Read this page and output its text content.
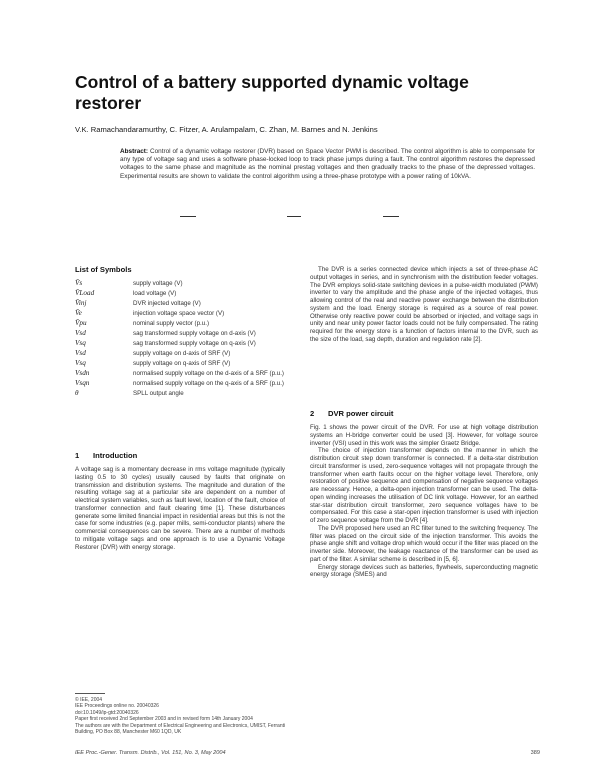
Control of a battery supported dynamic voltage restorer
V.K. Ramachandaramurthy, C. Fitzer, A. Arulampalam, C. Zhan, M. Barnes and N. Jenkins
Abstract: Control of a dynamic voltage restorer (DVR) based on Space Vector PWM is described. The control algorithm is able to compensate for any type of voltage sag and uses a software phase-locked loop to track phase jumps during a fault. The control algorithm restores the depressed voltages to the same phase and magnitude as the nominal prestag voltages and then gradually tracks to the phase of the depressed voltages. Experimental results are shown to validate the control algorithm using a three-phase prototype with a power rating of 10kVA.
List of Symbols
V̄s	supply voltage (V)
V̄Load	load voltage (V)
V̄inj	DVR injected voltage (V)
V̄e	injection voltage space vector (V)
V̄pu	nominal supply vector (p.u.)
Vsd	sag transformed supply voltage on d-axis (V)
Vsq	sag transformed supply voltage on q-axis (V)
Vsd	supply voltage on d-axis of SRF (V)
Vsq	supply voltage on q-axis of SRF (V)
Vsdn	normalised supply voltage on the d-axis of a SRF (p.u.)
Vsqn	normalised supply voltage on the q-axis of a SRF (p.u.)
θ	SPLL output angle
1 Introduction

A voltage sag is a momentary decrease in rms voltage magnitude (typically lasting 0.5 to 30 cycles) usually caused by faults that originate on transmission and distribution systems. The magnitude and duration of the resulting voltage sag at a particular site are dependent on a number of electrical system variables, such as fault level, location of the fault, choice of transformer connection and fault clearing time [1]. These disturbances generate some limited financial impact in residential areas but this is not the case for some industries (e.g. paper mills, semi-conductor plants) where the commercial consequences can be severe. There are a number of methods to mitigate voltage sags and one approach is to use a Dynamic Voltage Restorer (DVR) with energy storage.

© IEE, 2004
IEE Proceedings online no. 20040326
doi:10.1049/ip-gtd:20040326
Paper first received 2nd September 2003 and in revised form 14th January 2004
The authors are with the Department of Electrical Engineering and Electronics, UMIST, Ferranti Building, PO Box 88, Manchester M60 1QD, UK

The DVR is a series connected device which injects a set of three-phase AC output voltages in series, and in synchronism with the distribution feeder voltages. The DVR employs solid-state switching devices in a pulse-width modulated (PWM) inverter to vary the amplitude and the phase angle of the injected voltages, thus allowing control of the real and reactive power exchange between the distribution system and the load. Energy storage is required as a source of real power. Otherwise only reactive power could be absorbed or injected, and voltage sags in unity and near unity power factor loads could not be fully compensated. The rating required for the energy store is a function of factors internal to the DVR, such as the size of the load, sag depth, duration and regulation rate [2].

2 DVR power circuit

Fig. 1 shows the power circuit of the DVR. For use at high voltage distribution systems an H-bridge converter could be used [3]. However, for voltage source inverter (VSI) used in this work was the simpler Graetz Bridge.

The choice of injection transformer depends on the manner in which the distribution circuit step down transformer is connected. If a delta-star distribution circuit transformer is used, zero-sequence voltages will not propagate through the transformer when earth faults occur on the higher voltage level. Therefore, only restoration of positive sequence and compensation of negative sequence voltages are necessary. Hence, a delta-open injection transformer can be used. The delta-open winding increases the utilisation of DC link voltage. However, for an earthed star-star distribution circuit transformer, zero sequence voltages have to be compensated. For this case a star-open injection transformer is used with injection of zero sequence voltage from the DVR [4].

The DVR proposed here used an RC filter tuned to the switching frequency. The filter was placed on the circuit side of the injection transformer. This avoids the phase angle shift and voltage drop which would occur if the filter was placed on the inverter side. Moreover, the leakage reactance of the transformer can be used as part of the filter. A similar scheme is described in [5, 6].

Energy storage devices such as batteries, flywheels, superconducting magnetic energy storage (SMES) and

IEE Proc.-Gener. Transm. Distrib., Vol. 151, No. 3, May 2004	389
